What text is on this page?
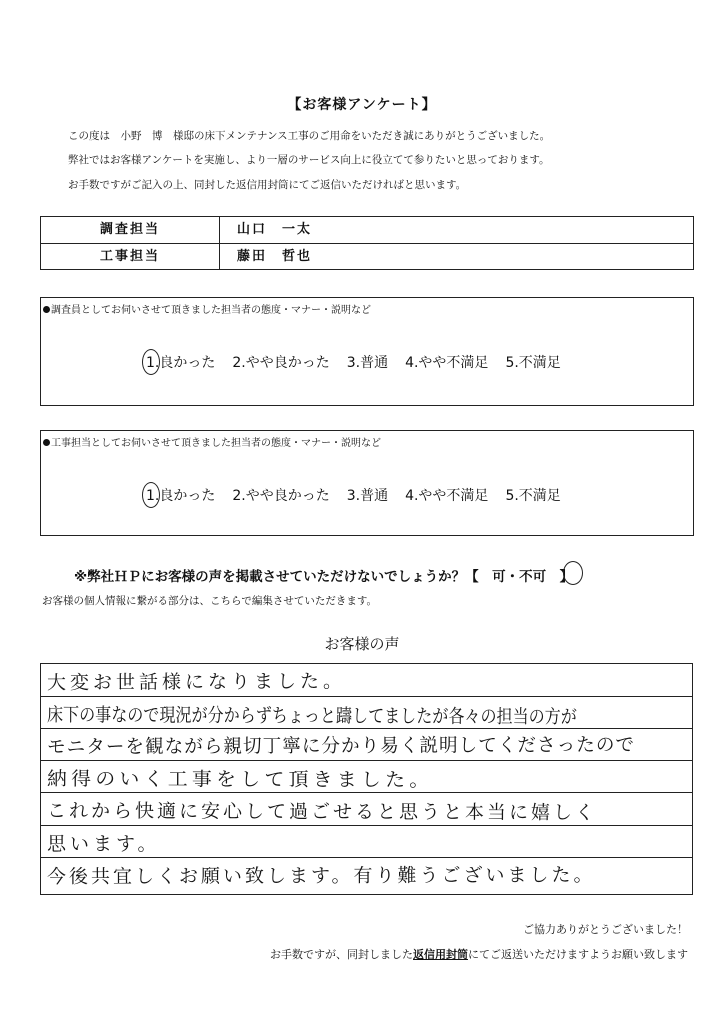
【お客様アンケート】
この度は　小野　博　様邸の床下メンテナンス工事のご用命をいただき誠にありがとうございました。
弊社ではお客様アンケートを実施し、より一層のサービス向上に役立てて参りたいと思っております。
お手数ですがご記入の上、同封した返信用封筒にてご返信いただければと思います。
調査担当	山口　一太
工事担当	藤田　哲也
調査員としてお伺いさせて頂きました担当者の態度・マナー・説明など
1.良かった 2.やや良かった 3.普通 4.やや不満足 5.不満足
工事担当としてお伺いさせて頂きました担当者の態度・マナー・説明など
1.良かった 2.やや良かった 3.普通 4.やや不満足 5.不満足
※弊社ＨＰにお客様の声を掲載させていただけないでしょうか？【　可・不可　】
お客様の個人情報に繋がる部分は、こちらで編集させていただきます。
お客様の声
大変お世話様になりました。
床下の事なので現況が分からずちょっと躊してましたが各々の担当の方が
モニターを観ながら親切丁寧に分かり易く説明してくださったので
納得のいく工事をして頂きました。
これから快適に安心して過ごせると思うと本当に嬉しく
思います。
今後共宜しくお願い致します。有り難うございました。
ご協力ありがとうございました！
お手数ですが、同封しました返信用封筒にてご返送いただけますようお願い致します
